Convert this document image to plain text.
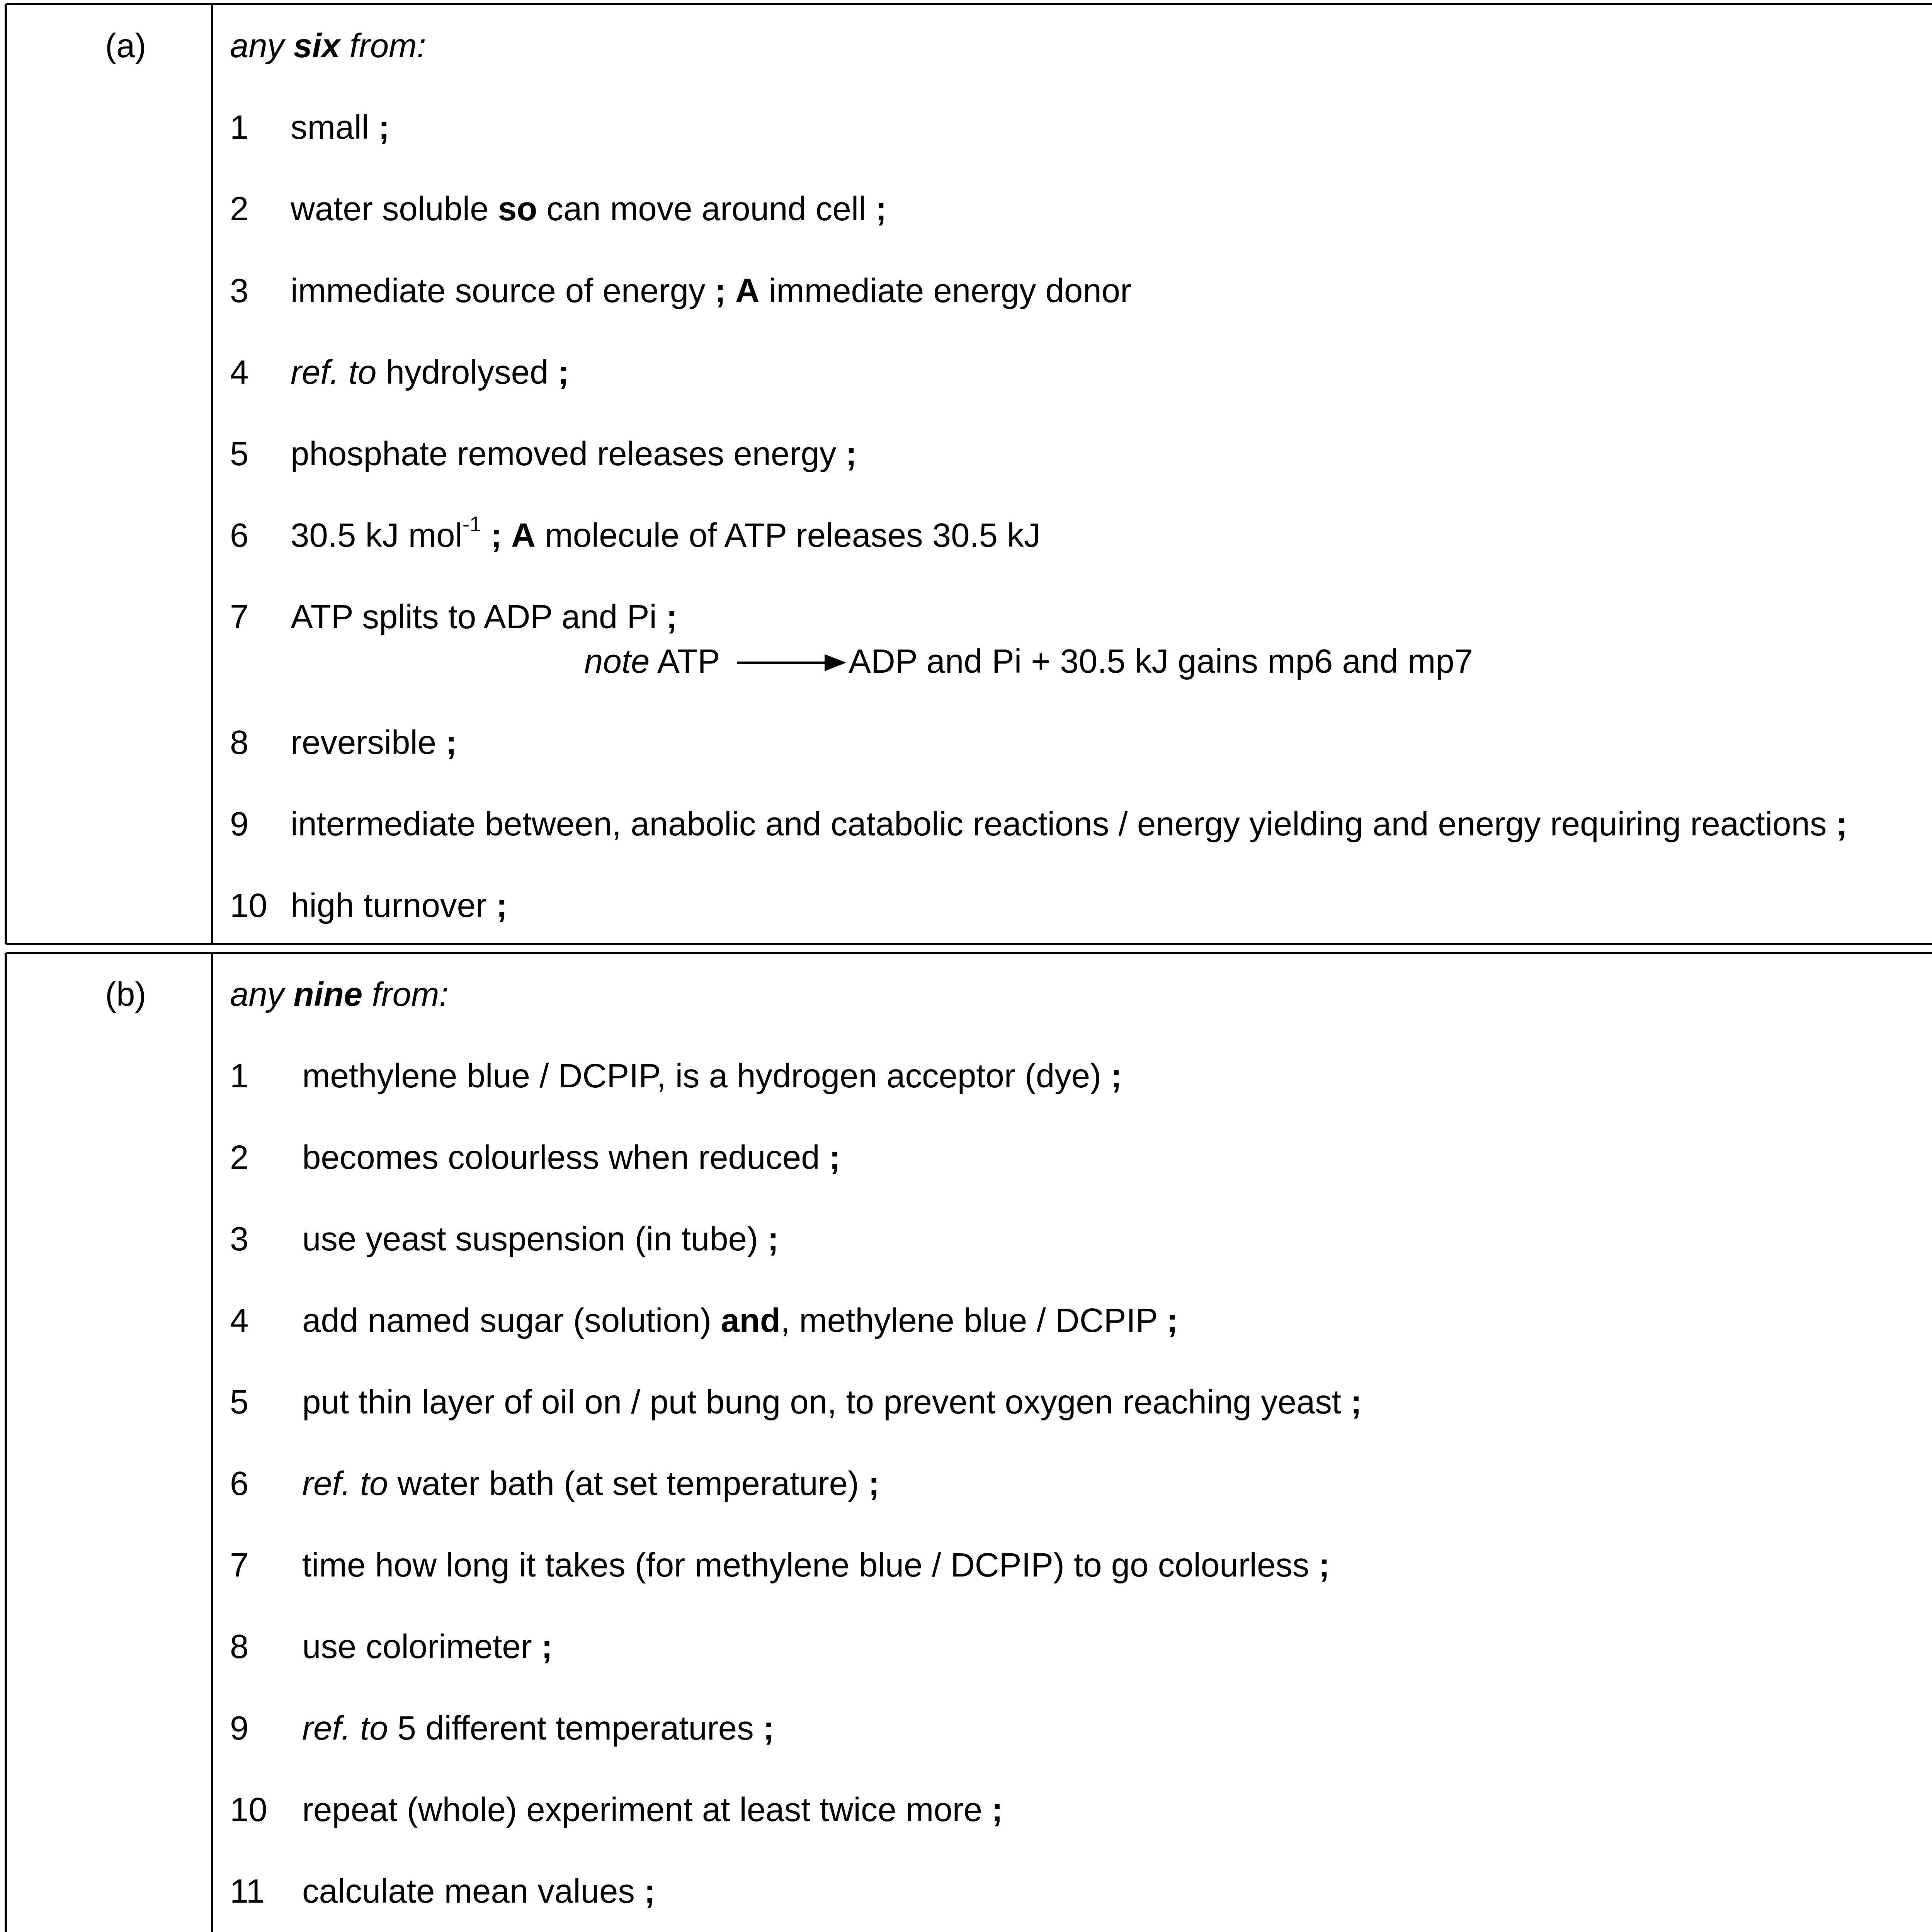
(a) any six from:
1 small ;
2 water soluble so can move around cell ;
3 immediate source of energy ; A immediate energy donor
4 ref. to hydrolysed ;
5 phosphate removed releases energy ;
6 30.5 kJ mol$^{-1}$ ; A molecule of ATP releases 30.5 kJ
7 ATP splits to ADP and Pi ;
note ATP	ADP and Pi + 30.5 kJ gains mp6 and mp7
8 reversible ;
9 intermediate between, anabolic and catabolic reactions / energy yielding and energy requiring reactions ;
10 high turnover ;
(b) any nine from:
1 methylene blue / DCPIP, is a hydrogen acceptor (dye) ;
2 becomes colourless when reduced ;
3 use yeast suspension (in tube) ;
4 add named sugar (solution) and, methylene blue / DCPIP ;
5 put thin layer of oil on / put bung on, to prevent oxygen reaching yeast ;
6 ref. to water bath (at set temperature) ;
7 time how long it takes (for methylene blue / DCPIP) to go colourless ;
8 use colorimeter ;
9 ref. to 5 different temperatures ;
10 repeat (whole) experiment at least twice more ;
11 calculate mean values ;
